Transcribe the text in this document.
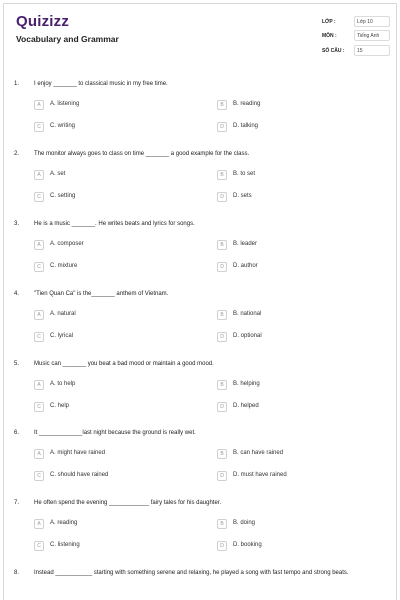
Quizizz
Vocabulary and Grammar
LỚP :	Lớp 10
MÔN :	Tiếng Anh
SỐ CÂU :	15
1. I enjoy _______ to classical music in my free time.
A	A. listening	B	B. reading
C	C. writing	D	D. talking
2. The monitor always goes to class on time _______ a good example for the class.
A	A. set	B	B. to set
C	C. setting	D	D. sets
3. He is a music _______. He writes beats and lyrics for songs.
A	A. composer	B	B. leader
C	C. mixture	D	D. author
4. "Tien Quan Ca" is the_______ anthem of Vietnam.
A	A. natural	B	B. national
C	C. lyrical	D	D. optional
5. Music can _______ you beat a bad mood or maintain a good mood.
A	A. to help	B	B. helping
C	C. help	D	D. helped
6. It _____________last night because the ground is really wet.
A	A. might have rained	B	B. can have rained
C	C. should have rained	D	D. must have rained
7. He often spend the evening ____________ fairy tales for his daughter.
A	A. reading	B	B. doing
C	C. listening	D	D. booking
8. Instead ___________ starting with something serene and relaxing, he played a song with fast tempo and strong beats.
